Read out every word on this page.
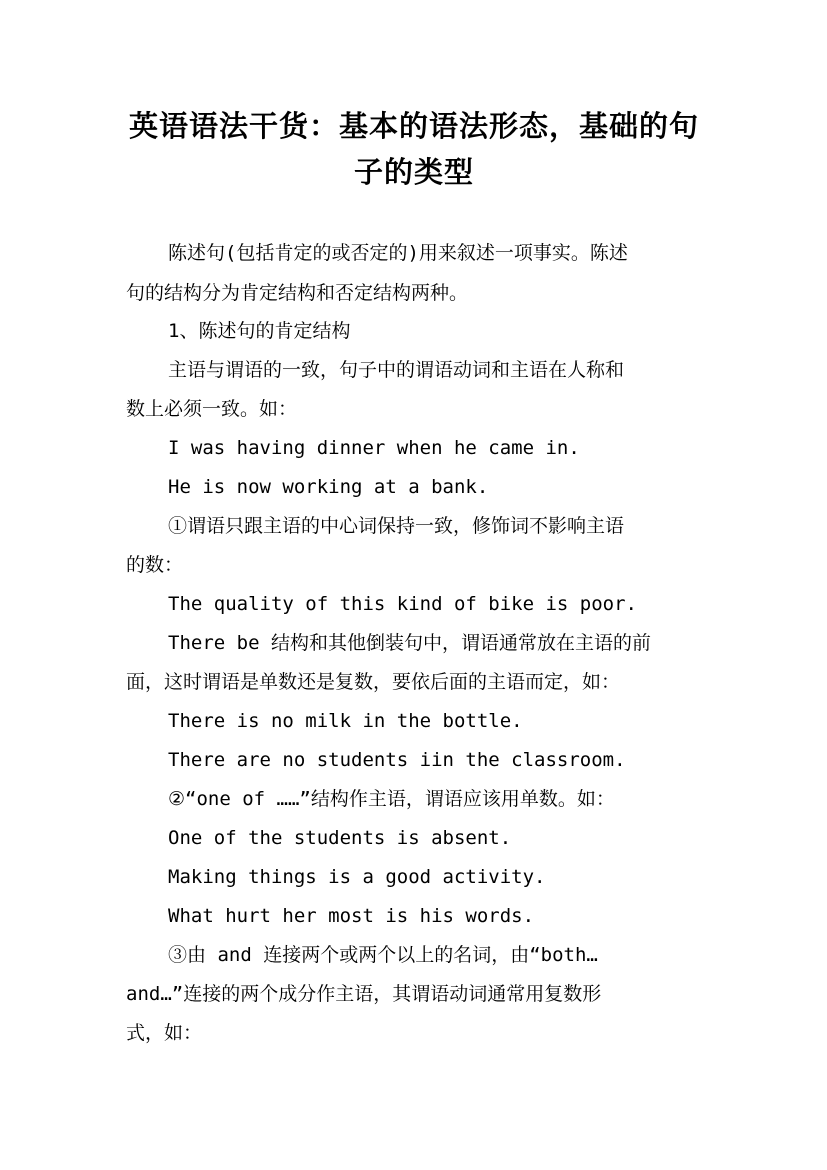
英语语法干货：基本的语法形态，基础的句
子的类型
陈述句(包括肯定的或否定的)用来叙述一项事实。陈述
句的结构分为肯定结构和否定结构两种。
1、陈述句的肯定结构
主语与谓语的一致，句子中的谓语动词和主语在人称和
数上必须一致。如：
I was having dinner when he came in.
He is now working at a bank.
①谓语只跟主语的中心词保持一致，修饰词不影响主语
的数：
The quality of this kind of bike is poor.
There be 结构和其他倒装句中，谓语通常放在主语的前
面，这时谓语是单数还是复数，要依后面的主语而定，如：
There is no milk in the bottle.
There are no students iin the classroom.
②“one of ……”结构作主语，谓语应该用单数。如：
One of the students is absent.
Making things is a good activity.
What hurt her most is his words.
③由 and 连接两个或两个以上的名词，由“both…
and…”连接的两个成分作主语，其谓语动词通常用复数形
式，如：
